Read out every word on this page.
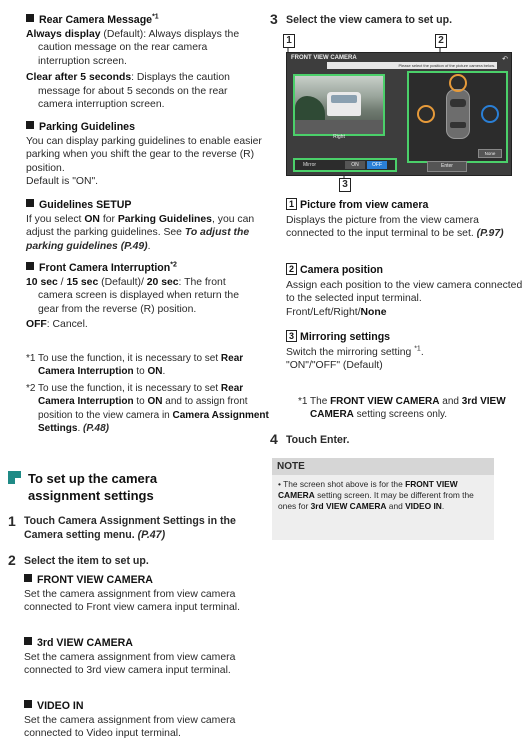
Rear Camera Message$^{*1}$
Always display (Default): Always displays the caution message on the rear camera interruption screen.
Clear after 5 seconds: Displays the caution message for about 5 seconds on the rear camera interruption screen.
Parking Guidelines
You can display parking guidelines to enable easier parking when you shift the gear to the reverse (R) position.
Default is "ON".
Guidelines SETUP
If you select ON for Parking Guidelines, you can adjust the parking guidelines. See To adjust the parking guidelines (P.49).
Front Camera Interruption$^{*2}$
10 sec / 15 sec (Default)/ 20 sec: The front camera screen is displayed when return the gear from the reverse (R) position.
OFF: Cancel.
*1 To use the function, it is necessary to set Rear Camera Interruption to ON.
*2 To use the function, it is necessary to set Rear Camera Interruption to ON and to assign front position to the view camera in Camera Assignment Settings. (P.48)
To set up the camera assignment settings
1 Touch Camera Assignment Settings in the Camera setting menu. (P.47)
2 Select the item to set up.
FRONT VIEW CAMERA
Set the camera assignment from view camera connected to Front view camera input terminal.
3rd VIEW CAMERA
Set the camera assignment from view camera connected to 3rd view camera input terminal.
VIDEO IN
Set the camera assignment from view camera connected to Video input terminal.
3 Select the view camera to set up.
1	2
3
FRONT VIEW CAMERA	↶
Please select the position of the picture camera below.
Right
None
Mirror	ON	OFF	Enter
1 Picture from view camera
Displays the picture from the view camera connected to the input terminal to be set. (P.97)
2 Camera position
Assign each position to the view camera connected to the selected input terminal.
Front/Left/Right/None
3 Mirroring settings
Switch the mirroring setting $^{*1}$.
"ON"/"OFF" (Default)
*1 The FRONT VIEW CAMERA and 3rd VIEW CAMERA setting screens only.
4 Touch Enter.
NOTE
• The screen shot above is for the FRONT VIEW CAMERA setting screen. It may be different from the ones for 3rd VIEW CAMERA and VIDEO IN.
